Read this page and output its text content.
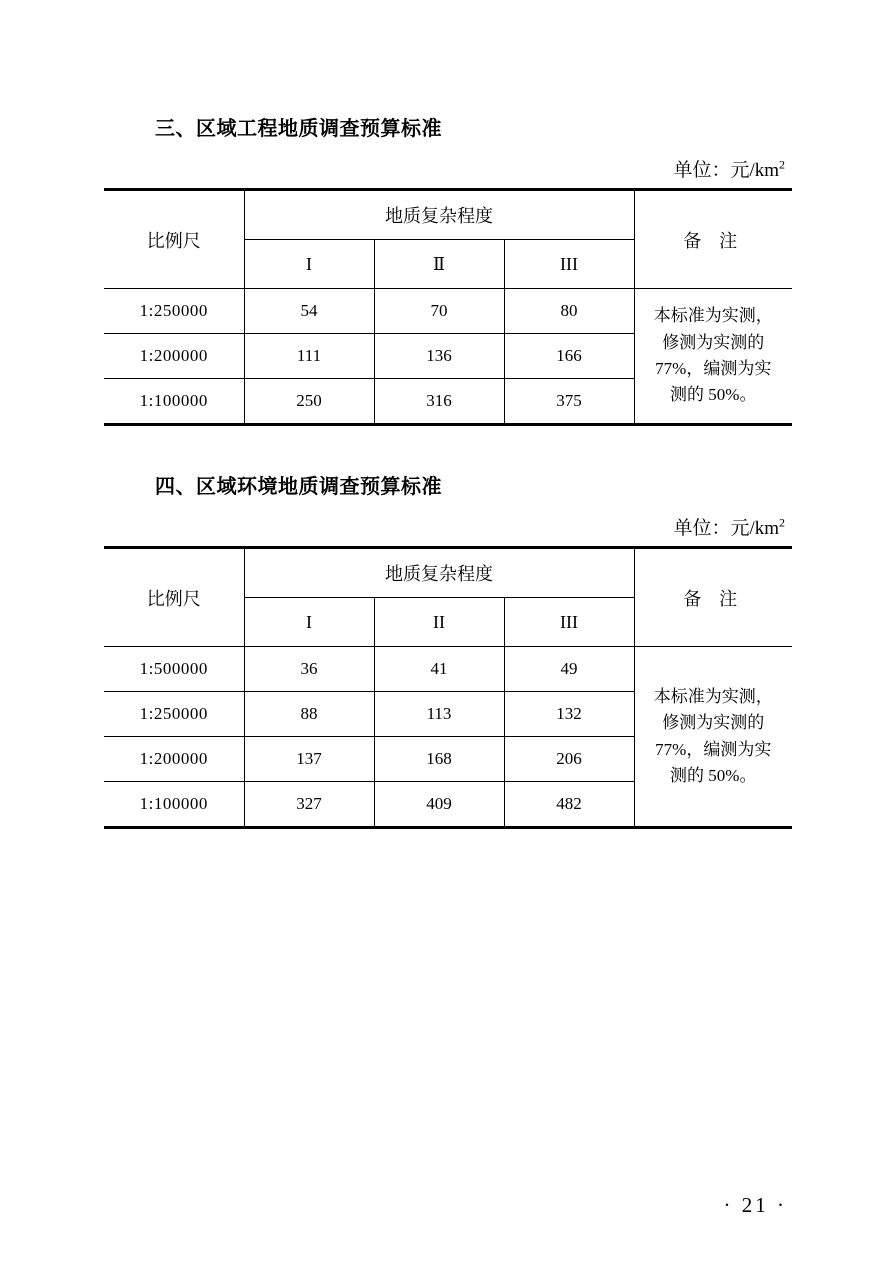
三、区域工程地质调查预算标准
单位：元$/km^2$
比例尺	地质复杂程度			备 注
	I	Ⅱ	III	
1:250000	54	70	80	本标准为实测，
修测为实测的
77%，编测为实
测的 50%。

1:200000	111	136	166	
1:100000	250	316	375	
四、区域环境地质调查预算标准
单位：元$/km^2$
比例尺	地质复杂程度			备 注
	I	II	III	
1:500000	36	41	49	本标准为实测，
修测为实测的
77%，编测为实
测的 50%。

1:250000	88	113	132	
1:200000	137	168	206	
1:100000	327	409	482	
· 21 ·
